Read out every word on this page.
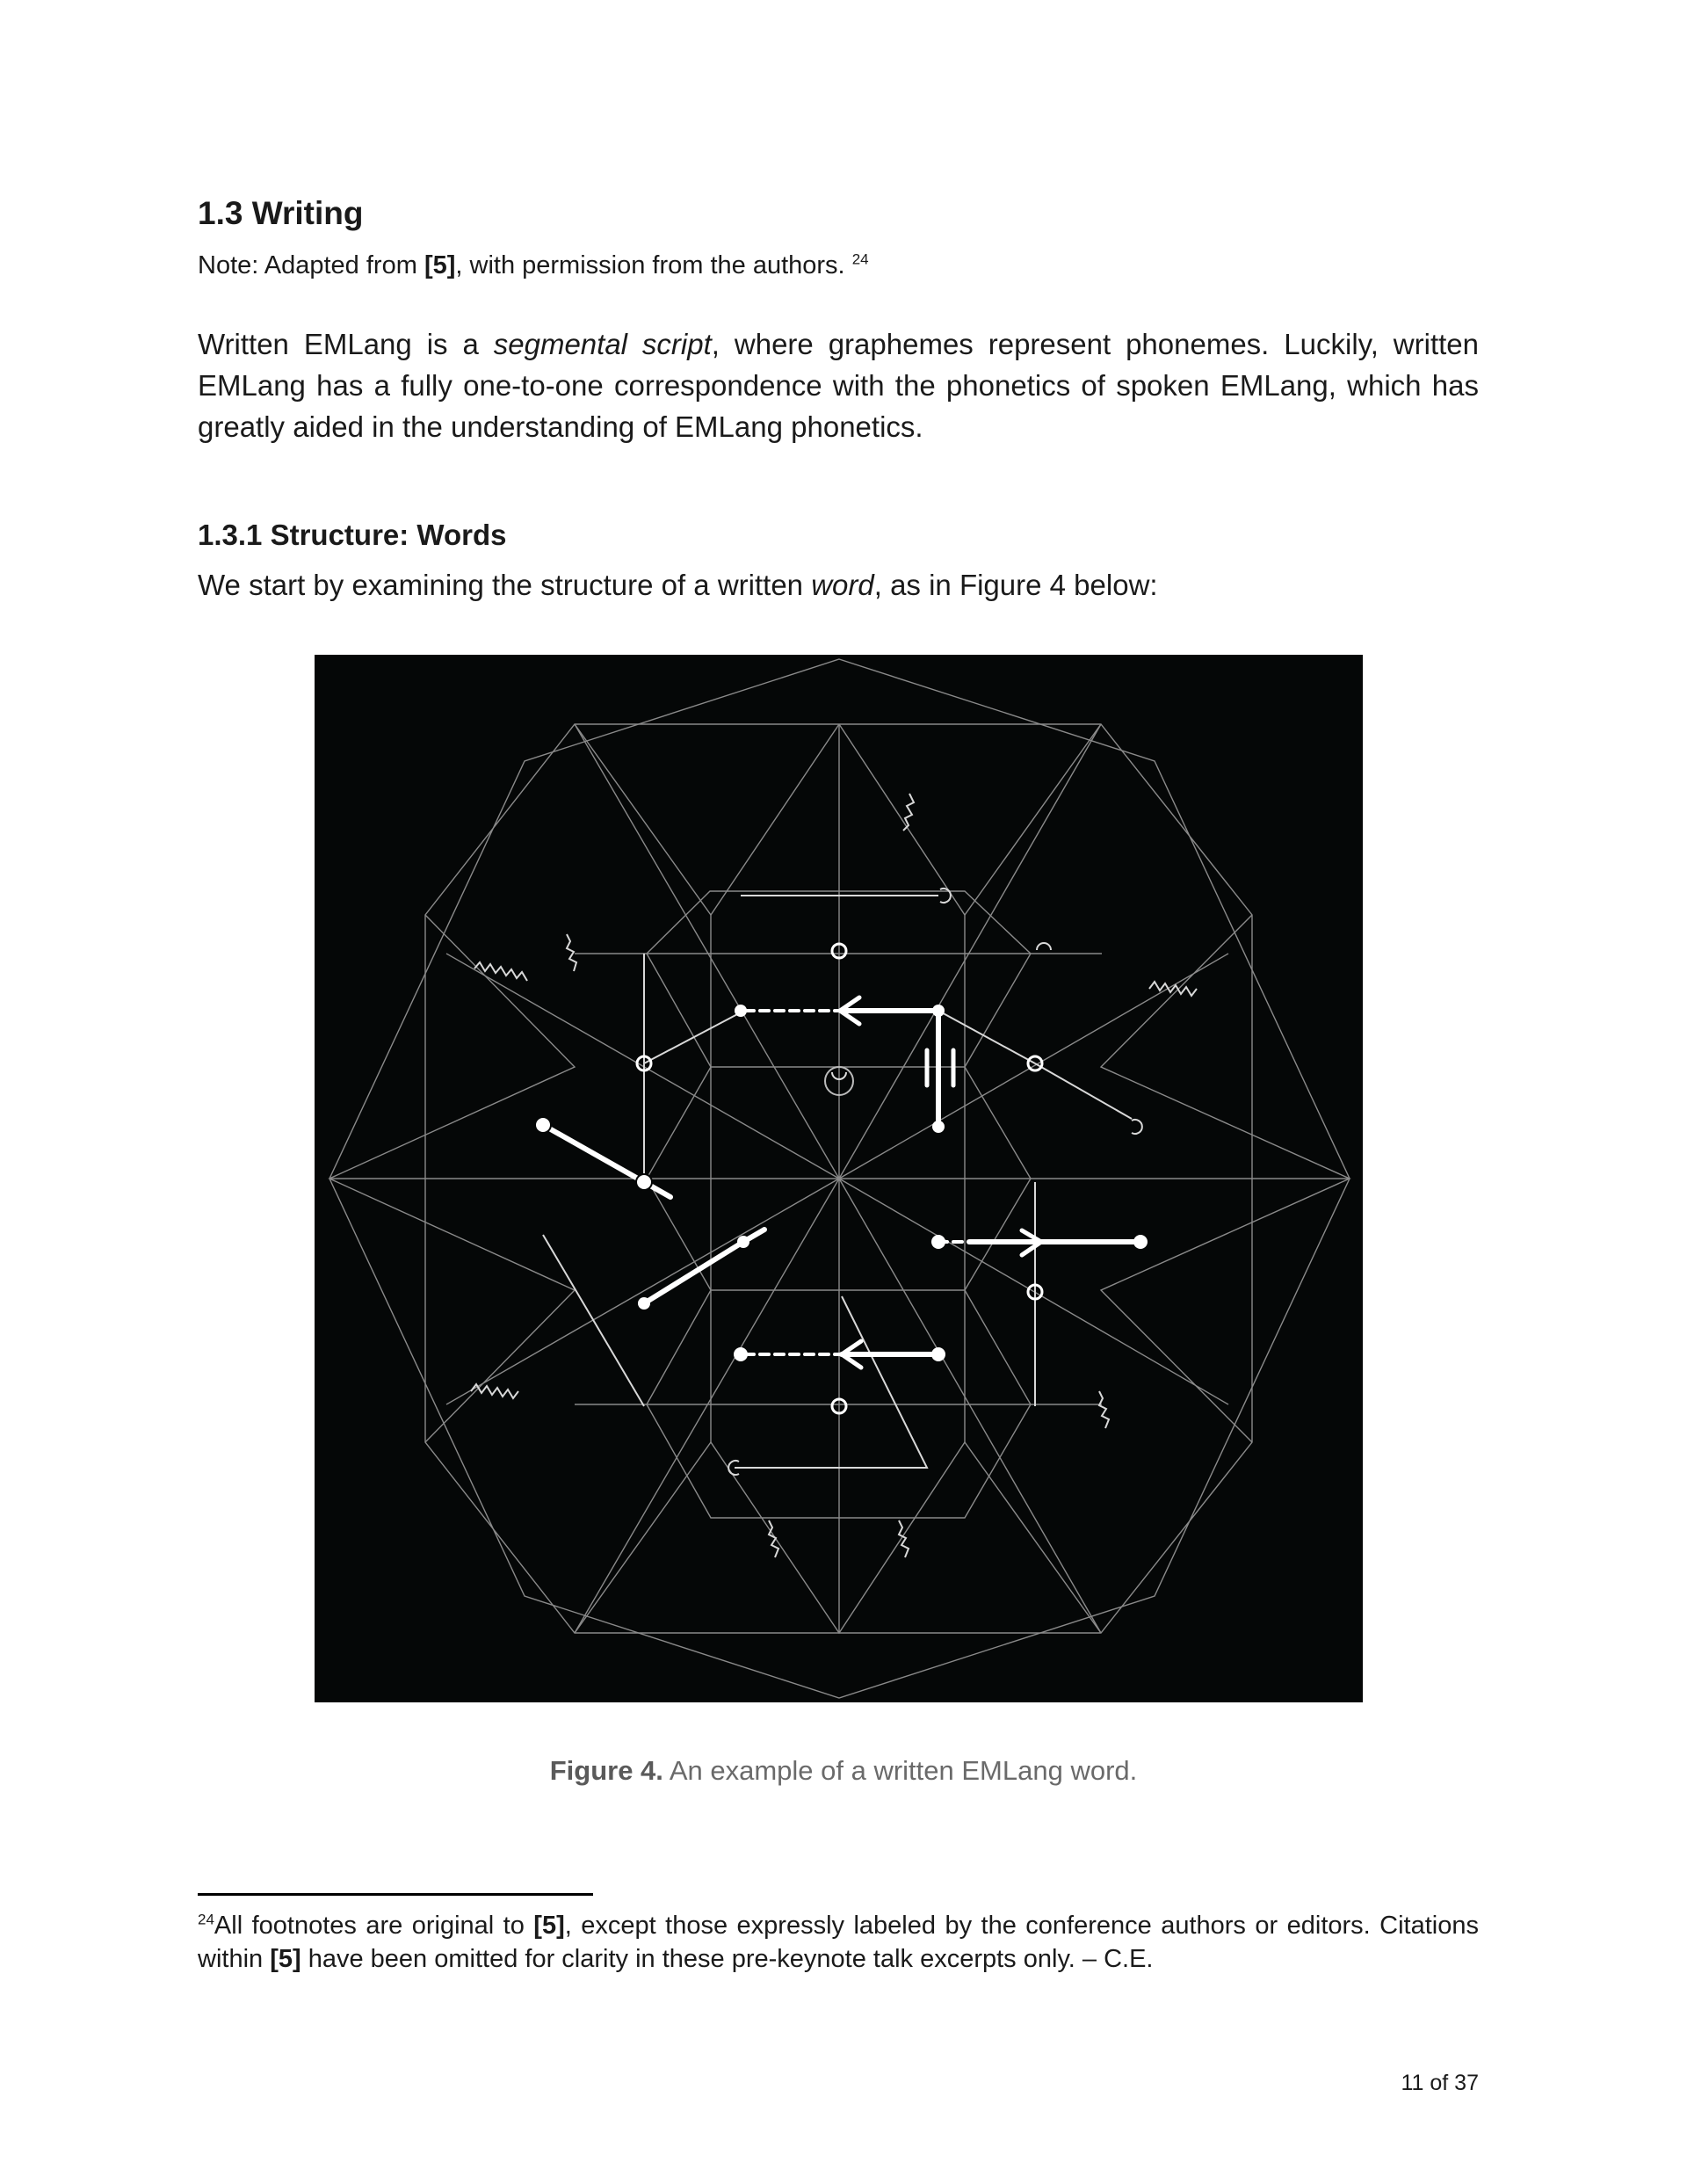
1.3 Writing

Note: Adapted from [5], with permission from the authors. $^{24}$

Written EMLang is a segmental script, where graphemes represent phonemes. Luckily, written EMLang has a fully one-to-one correspondence with the phonetics of spoken EMLang, which has greatly aided in the understanding of EMLang phonetics.

1.3.1 Structure: Words

We start by examining the structure of a written word, as in Figure 4 below:

Figure 4. An example of a written EMLang word.

$^{24}$All footnotes are original to [5], except those expressly labeled by the conference authors or editors. Citations within [5] have been omitted for clarity in these pre-keynote talk excerpts only. – C.E.

11 of 37
